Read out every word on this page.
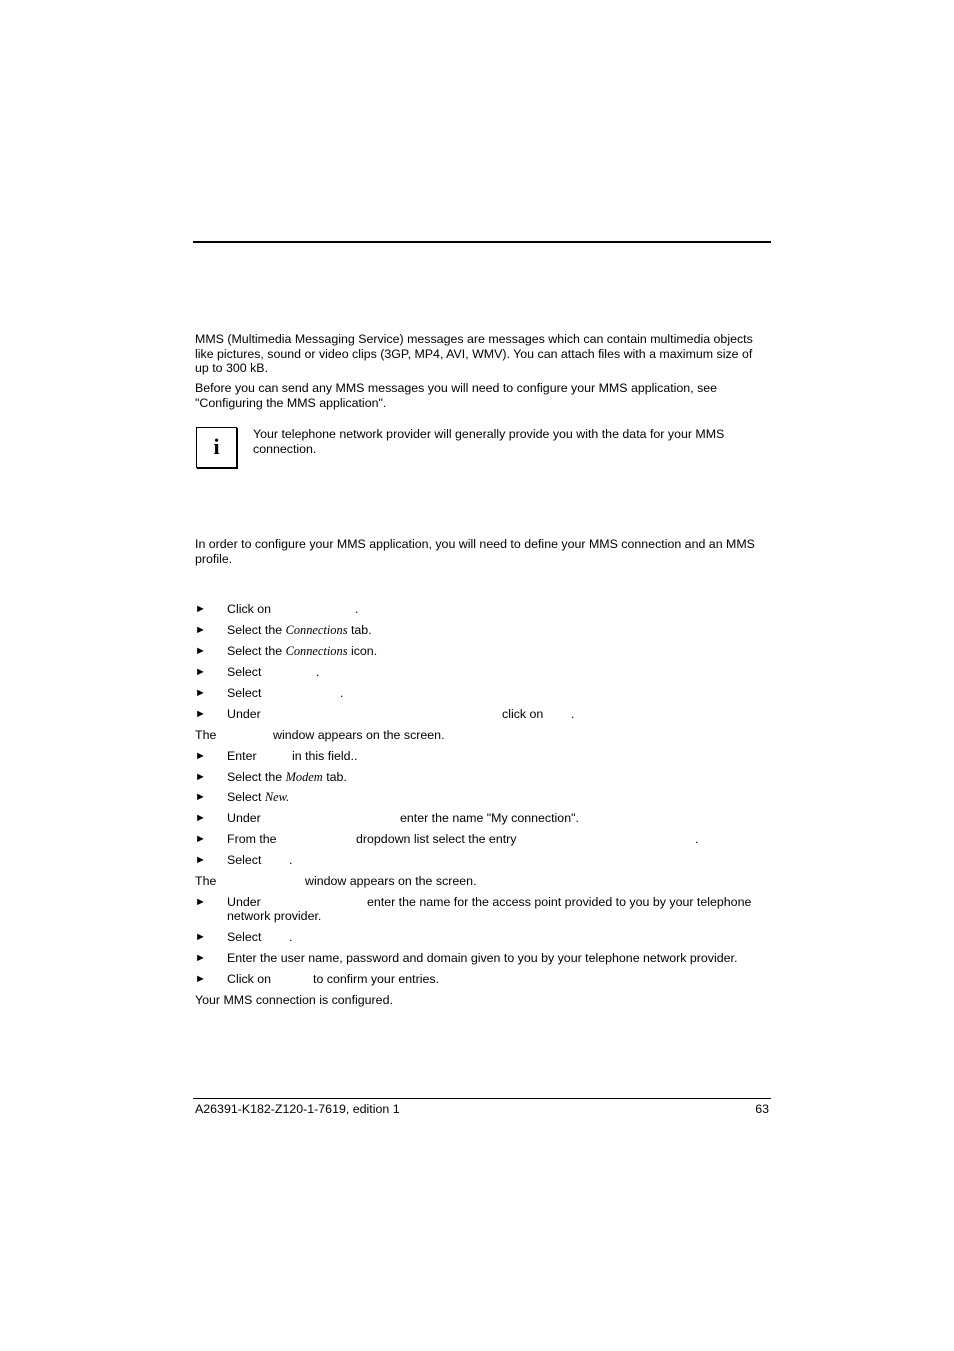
MMS (Multimedia Messaging Service) messages are messages which can contain multimedia objects like pictures, sound or video clips (3GP, MP4, AVI, WMV). You can attach files with a maximum size of up to 300 kB.

Before you can send any MMS messages you will need to configure your MMS application, see "Configuring the MMS application".

i	Your telephone network provider will generally provide you with the data for your MMS connection.

In order to configure your MMS application, you will need to define your MMS connection and an MMS profile.

► Click on	.
► Select the Connections tab.
► Select the Connections icon.
► Select	.
► Select	.
► Under	click on .
The	window appears on the screen.
► Enter	in this field..
► Select the Modem tab.
► Select New.
► Under	enter the name "My connection".
► From the	dropdown list select the entry	.
► Select .
The	window appears on the screen.
► Under	enter the name for the access point provided to you by your telephone
network provider.
► Select .
► Enter the user name, password and domain given to you by your telephone network provider.
► Click on	to confirm your entries.
Your MMS connection is configured.
A26391-K182-Z120-1-7619, edition 1	63
